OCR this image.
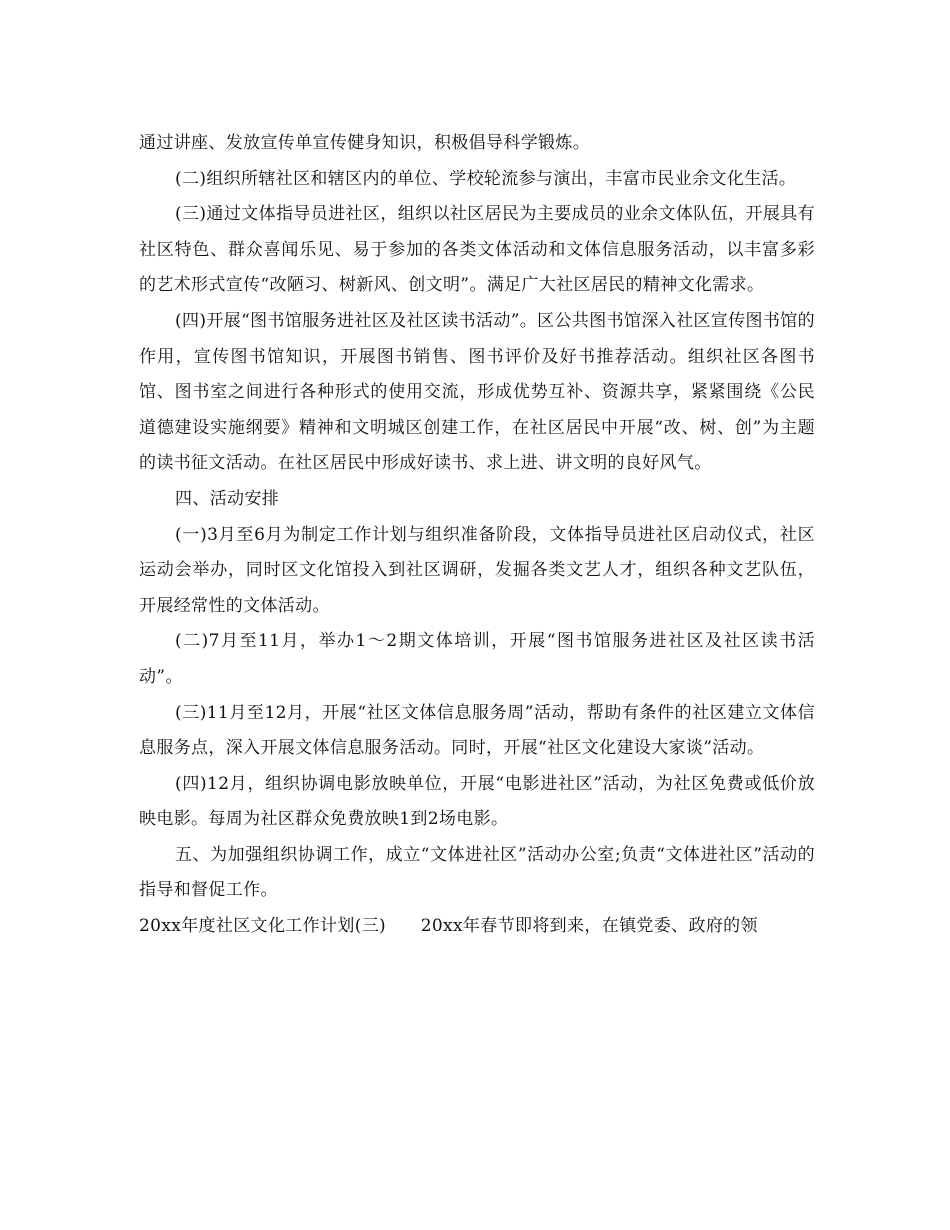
通过讲座、发放宣传单宣传健身知识，积极倡导科学锻炼。

(二)组织所辖社区和辖区内的单位、学校轮流参与演出，丰富市民业余文化生活。

(三)通过文体指导员进社区，组织以社区居民为主要成员的业余文体队伍，开展具有社区特色、群众喜闻乐见、易于参加的各类文体活动和文体信息服务活动，以丰富多彩的艺术形式宣传“改陋习、树新风、创文明”。满足广大社区居民的精神文化需求。

(四)开展“图书馆服务进社区及社区读书活动”。区公共图书馆深入社区宣传图书馆的作用，宣传图书馆知识，开展图书销售、图书评价及好书推荐活动。组织社区各图书馆、图书室之间进行各种形式的使用交流，形成优势互补、资源共享，紧紧围绕《公民道德建设实施纲要》精神和文明城区创建工作，在社区居民中开展“改、树、创”为主题的读书征文活动。在社区居民中形成好读书、求上进、讲文明的良好风气。

四、活动安排

(一)3月至6月为制定工作计划与组织准备阶段，文体指导员进社区启动仪式，社区运动会举办，同时区文化馆投入到社区调研，发掘各类文艺人才，组织各种文艺队伍，开展经常性的文体活动。

(二)7月至11月，举办1～2期文体培训，开展“图书馆服务进社区及社区读书活动”。

(三)11月至12月，开展“社区文体信息服务周”活动，帮助有条件的社区建立文体信息服务点，深入开展文体信息服务活动。同时，开展“社区文化建设大家谈”活动。

(四)12月，组织协调电影放映单位，开展“电影进社区”活动，为社区免费或低价放映电影。每周为社区群众免费放映1到2场电影。

五、为加强组织协调工作，成立“文体进社区”活动办公室;负责“文体进社区”活动的指导和督促工作。

20xx年度社区文化工作计划(三)　　20xx年春节即将到来，在镇党委、政府的领
